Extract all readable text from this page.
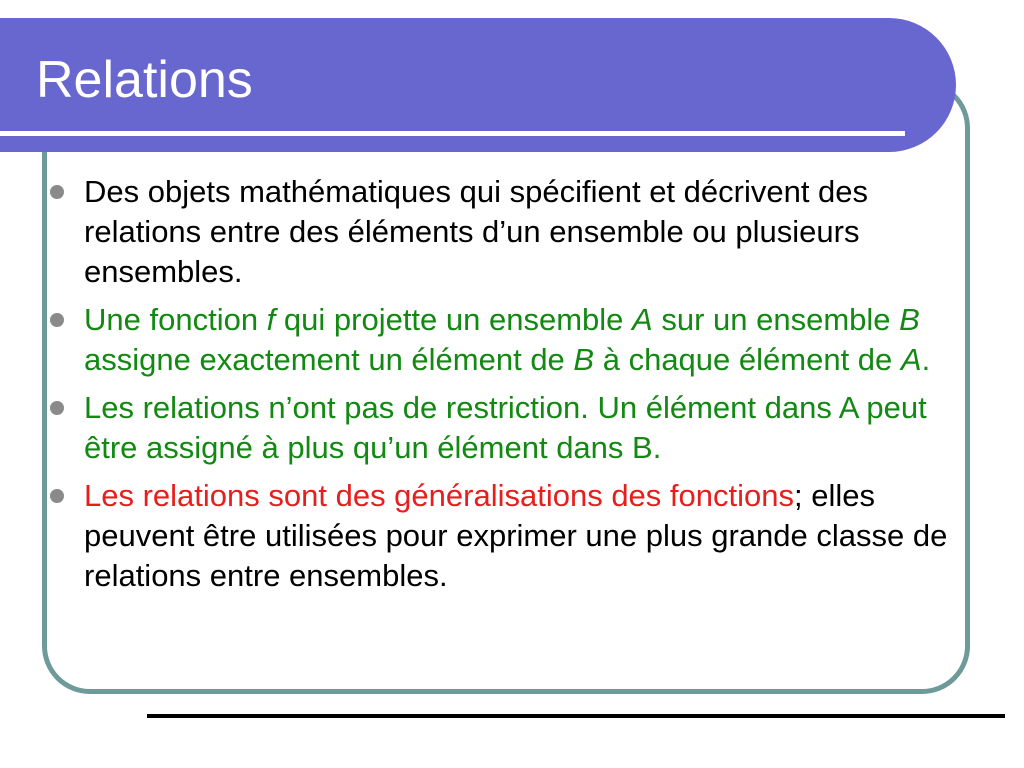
Relations
Des objets mathématiques qui spécifient et décrivent des relations entre des éléments d’un ensemble ou plusieurs ensembles.
Une fonction f qui projette un ensemble A sur un ensemble B assigne exactement un élément de B à chaque élément de A.
Les relations n’ont pas de restriction. Un élément dans A peut être assigné à plus qu’un élément dans B.
Les relations sont des généralisations des fonctions; elles peuvent être utilisées pour exprimer une plus grande classe de relations entre ensembles.
